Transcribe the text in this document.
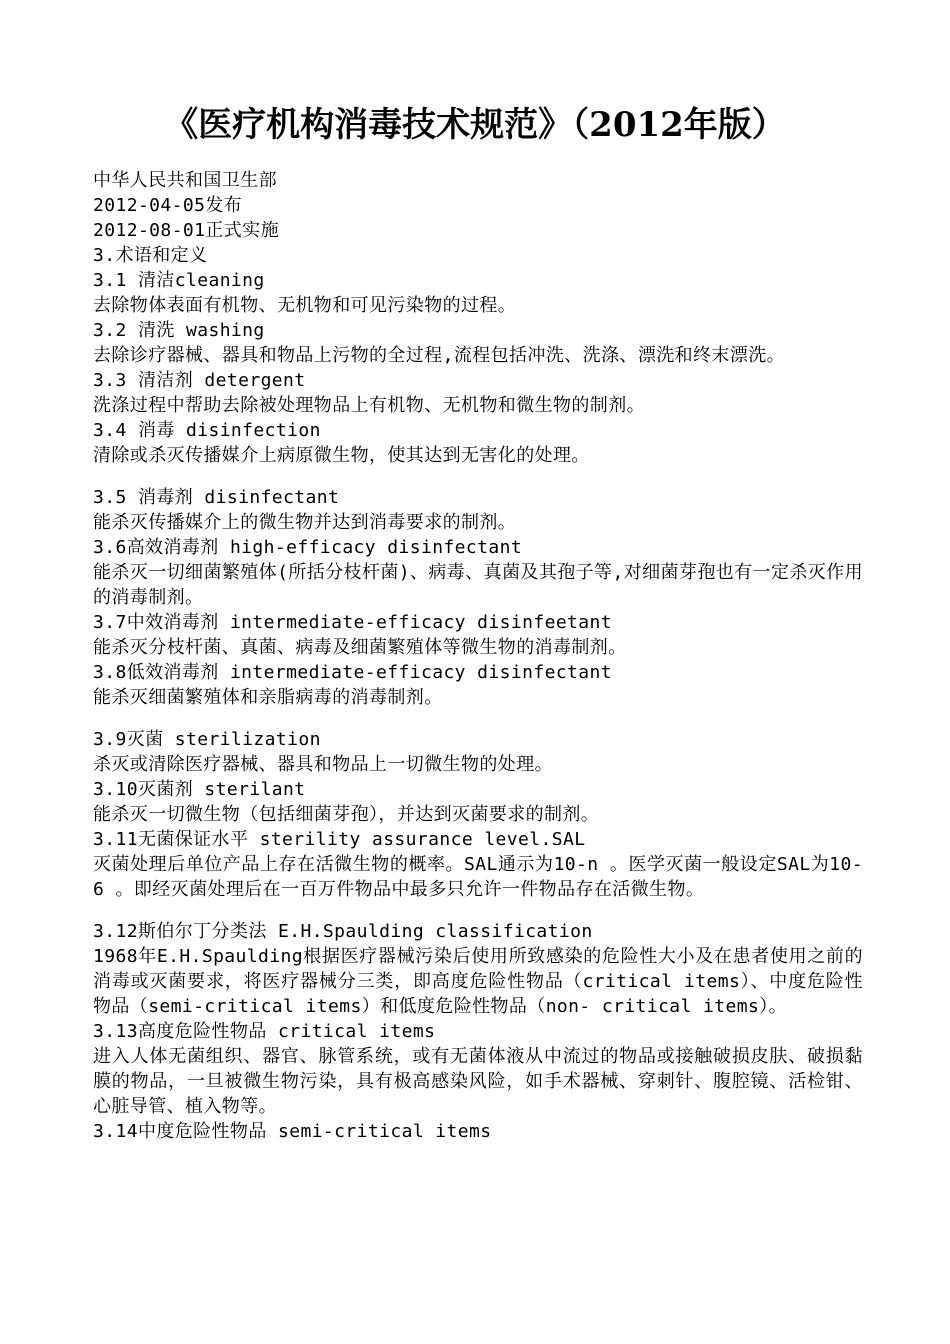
《医疗机构消毒技术规范》（2012年版）
中华人民共和国卫生部
2012-04-05发布
2012-08-01正式实施
3.术语和定义
3.1 清洁cleaning
去除物体表面有机物、无机物和可见污染物的过程。
3.2 清洗 washing
去除诊疗器械、器具和物品上污物的全过程,流程包括冲洗、洗涤、漂洗和终末漂洗。
3.3 清洁剂 detergent
洗涤过程中帮助去除被处理物品上有机物、无机物和微生物的制剂。
3.4 消毒 disinfection
清除或杀灭传播媒介上病原微生物，使其达到无害化的处理。
3.5 消毒剂 disinfectant
能杀灭传播媒介上的微生物并达到消毒要求的制剂。
3.6高效消毒剂 high-efficacy disinfectant
能杀灭一切细菌繁殖体(所括分枝杆菌)、病毒、真菌及其孢子等,对细菌芽孢也有一定杀灭作用的消毒制剂。
3.7中效消毒剂 intermediate-efficacy disinfeetant
能杀灭分枝杆菌、真菌、病毒及细菌繁殖体等微生物的消毒制剂。
3.8低效消毒剂 intermediate-efficacy disinfectant
能杀灭细菌繁殖体和亲脂病毒的消毒制剂。
3.9灭菌 sterilization
杀灭或清除医疗器械、器具和物品上一切微生物的处理。
3.10灭菌剂 sterilant
能杀灭一切微生物（包括细菌芽孢），并达到灭菌要求的制剂。
3.11无菌保证水平 sterility assurance level.SAL
灭菌处理后单位产品上存在活微生物的概率。SAL通示为10-n 。医学灭菌一般设定SAL为10-6 。即经灭菌处理后在一百万件物品中最多只允许一件物品存在活微生物。
3.12斯伯尔丁分类法 E.H.Spaulding classification
1968年E.H.Spaulding根据医疗器械污染后使用所致感染的危险性大小及在患者使用之前的消毒或灭菌要求，将医疗器械分三类，即高度危险性物品（critical items）、中度危险性物品（semi-critical items）和低度危险性物品（non- critical items）。
3.13高度危险性物品 critical items
进入人体无菌组织、器官、脉管系统，或有无菌体液从中流过的物品或接触破损皮肤、破损黏膜的物品，一旦被微生物污染，具有极高感染风险，如手术器械、穿刺针、腹腔镜、活检钳、心脏导管、植入物等。
3.14中度危险性物品 semi-critical items
